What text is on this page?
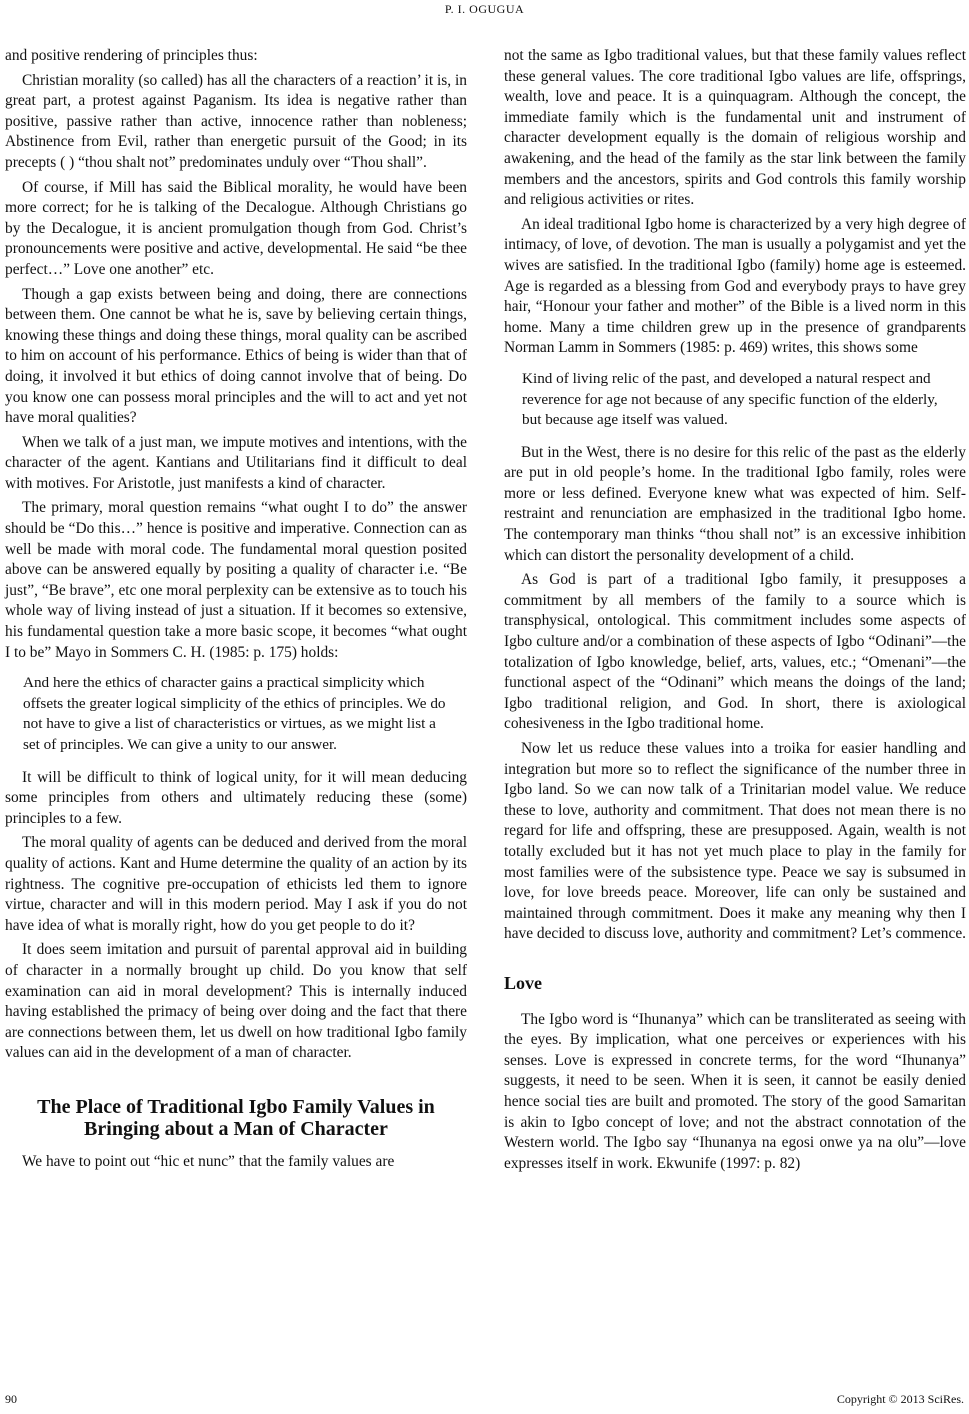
P. I. OGUGUA

and positive rendering of principles thus:

Christian morality (so called) has all the characters of a reaction’ it is, in great part, a protest against Paganism. Its idea is negative rather than positive, passive rather than active, innocence rather than nobleness; Abstinence from Evil, rather than energetic pursuit of the Good; in its precepts ( ) “thou shalt not” predominates unduly over “Thou shall”.

Of course, if Mill has said the Biblical morality, he would have been more correct; for he is talking of the Decalogue. Although Christians go by the Decalogue, it is ancient promulgation though from God. Christ’s pronouncements were positive and active, developmental. He said “be thee perfect…” Love one another” etc.

Though a gap exists between being and doing, there are connections between them. One cannot be what he is, save by believing certain things, knowing these things and doing these things, moral quality can be ascribed to him on account of his performance. Ethics of being is wider than that of doing, it involved it but ethics of doing cannot involve that of being. Do you know one can possess moral principles and the will to act and yet not have moral qualities?

When we talk of a just man, we impute motives and intentions, with the character of the agent. Kantians and Utilitarians find it difficult to deal with motives. For Aristotle, just manifests a kind of character.

The primary, moral question remains “what ought I to do” the answer should be “Do this…” hence is positive and imperative. Connection can as well be made with moral code. The fundamental moral question posited above can be answered equally by positing a quality of character i.e. “Be just”, “Be brave”, etc one moral perplexity can be extensive as to touch his whole way of living instead of just a situation. If it becomes so extensive, his fundamental question take a more basic scope, it becomes “what ought I to be” Mayo in Sommers C. H. (1985: p. 175) holds:

And here the ethics of character gains a practical simplicity which offsets the greater logical simplicity of the ethics of principles. We do not have to give a list of characteristics or virtues, as we might list a set of principles. We can give a unity to our answer.

It will be difficult to think of logical unity, for it will mean deducing some principles from others and ultimately reducing these (some) principles to a few.

The moral quality of agents can be deduced and derived from the moral quality of actions. Kant and Hume determine the quality of an action by its rightness. The cognitive pre-occupation of ethicists led them to ignore virtue, character and will in this modern period. May I ask if you do not have idea of what is morally right, how do you get people to do it?

It does seem imitation and pursuit of parental approval aid in building of character in a normally brought up child. Do you know that self examination can aid in moral development? This is internally induced having established the primacy of being over doing and the fact that there are connections between them, let us dwell on how traditional Igbo family values can aid in the development of a man of character.

The Place of Traditional Igbo Family Values in Bringing about a Man of Character

We have to point out “hic et nunc” that the family values are

not the same as Igbo traditional values, but that these family values reflect these general values. The core traditional Igbo values are life, offsprings, wealth, love and peace. It is a quinquagram. Although the concept, the immediate family which is the fundamental unit and instrument of character development equally is the domain of religious worship and awakening, and the head of the family as the star link between the family members and the ancestors, spirits and God controls this family worship and religious activities or rites.

An ideal traditional Igbo home is characterized by a very high degree of intimacy, of love, of devotion. The man is usually a polygamist and yet the wives are satisfied. In the traditional Igbo (family) home age is esteemed. Age is regarded as a blessing from God and everybody prays to have grey hair, “Honour your father and mother” of the Bible is a lived norm in this home. Many a time children grew up in the presence of grandparents Norman Lamm in Sommers (1985: p. 469) writes, this shows some

Kind of living relic of the past, and developed a natural respect and reverence for age not because of any specific function of the elderly, but because age itself was valued.

But in the West, there is no desire for this relic of the past as the elderly are put in old people’s home. In the traditional Igbo family, roles were more or less defined. Everyone knew what was expected of him. Self-restraint and renunciation are emphasized in the traditional Igbo home. The contemporary man thinks “thou shall not” is an excessive inhibition which can distort the personality development of a child.

As God is part of a traditional Igbo family, it presupposes a commitment by all members of the family to a source which is transphysical, ontological. This commitment includes some aspects of Igbo culture and/or a combination of these aspects of Igbo “Odinani”—the totalization of Igbo knowledge, belief, arts, values, etc.; “Omenani”—the functional aspect of the “Odinani” which means the doings of the land; Igbo traditional religion, and God. In short, there is axiological cohesiveness in the Igbo traditional home.

Now let us reduce these values into a troika for easier handling and integration but more so to reflect the significance of the number three in Igbo land. So we can now talk of a Trinitarian model value. We reduce these to love, authority and commitment. That does not mean there is no regard for life and offspring, these are presupposed. Again, wealth is not totally excluded but it has not yet much place to play in the family for most families were of the subsistence type. Peace we say is subsumed in love, for love breeds peace. Moreover, life can only be sustained and maintained through commitment. Does it make any meaning why then I have decided to discuss love, authority and commitment? Let’s commence.

Love

The Igbo word is “Ihunanya” which can be transliterated as seeing with the eyes. By implication, what one perceives or experiences with his senses. Love is expressed in concrete terms, for the word “Ihunanya” suggests, it need to be seen. When it is seen, it cannot be easily denied hence social ties are built and promoted. The story of the good Samaritan is akin to Igbo concept of love; and not the abstract connotation of the Western world. The Igbo say “Ihunanya na egosi onwe ya na olu”—love expresses itself in work. Ekwunife (1997: p. 82)

90	Copyright © 2013 SciRes.
